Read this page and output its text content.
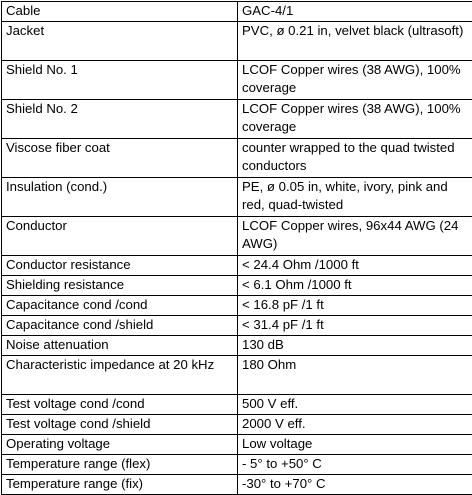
Cable	GAC-4/1
Jacket	PVC, ø 0.21 in, velvet black (ultrasoft)
Shield No. 1	LCOF Copper wires (38 AWG), 100% coverage
Shield No. 2	LCOF Copper wires (38 AWG), 100% coverage
Viscose fiber coat	counter wrapped to the quad twisted conductors
Insulation (cond.)	PE, ø 0.05 in, white, ivory, pink and red, quad-twisted
Conductor	LCOF Copper wires, 96x44 AWG (24 AWG)
Conductor resistance	< 24.4 Ohm /1000 ft
Shielding resistance	< 6.1 Ohm /1000 ft
Capacitance cond /cond	< 16.8 pF /1 ft
Capacitance cond /shield	< 31.4 pF /1 ft
Noise attenuation	130 dB
Characteristic impedance at 20 kHz	180 Ohm
Test voltage cond /cond	500 V eff.
Test voltage cond /shield	2000 V eff.
Operating voltage	Low voltage
Temperature range (flex)	- 5° to +50° C
Temperature range (fix)	-30° to +70° C
